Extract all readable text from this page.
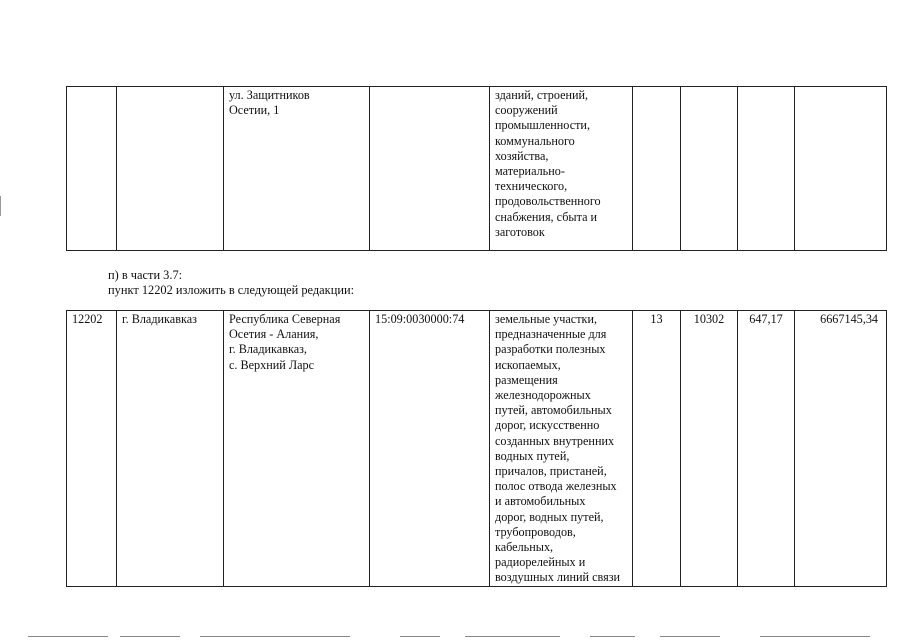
		ул. Защитников
Осетии, 1		зданий, строений,
сооружений
промышленности,
коммунального
хозяйства,
материально-
технического,
продовольственного
снабжения, сбыта и
заготовок				
п) в части 3.7:
пункт 12202 изложить в следующей редакции:
12202	г. Владикавказ	Республика Северная
Осетия - Алания,
г. Владикавказ,
с. Верхний Ларс	15:09:0030000:74	земельные участки,
предназначенные для
разработки полезных
ископаемых,
размещения
железнодорожных
путей, автомобильных
дорог, искусственно
созданных внутренних
водных путей,
причалов, пристаней,
полос отвода железных
и автомобильных
дорог, водных путей,
трубопроводов,
кабельных,
радиорелейных и
воздушных линий связи	13	10302	647,17	6667145,34
